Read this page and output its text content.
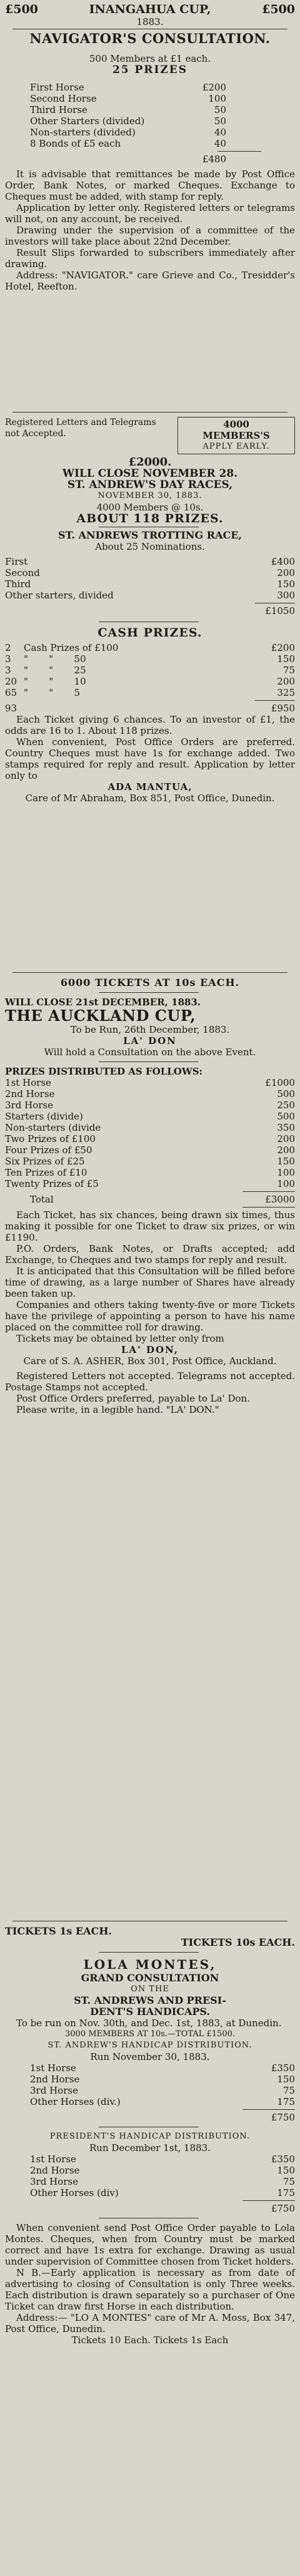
£500	INANGAHUA CUP,	£500
1883.
NAVIGATOR'S CONSULTATION.
500 Members at £1 each.
25 PRIZES
First Horse	£200
Second Horse	100
Third Horse	50
Other Starters (divided)	50
Non-starters (divided)	40
8 Bonds of £5 each	40
£480
It is advisable that remittances be made by Post Office Order, Bank Notes, or marked Cheques. Exchange to Cheques must be added, with stamp for reply.
Application by letter only. Registered letters or telegrams will not, on any account, be received.
Drawing under the supervision of a committee of the investors will take place about 22nd December.
Result Slips forwarded to subscribers immediately after drawing.
Address: "NAVIGATOR." care Grieve and Co., Tresidder's Hotel, Reefton.
Registered Letters and Telegrams not Accepted.
4000
MEMBERS'S
APPLY EARLY.
£2000.
WILL CLOSE NOVEMBER 28.
ST. ANDREW'S DAY RACES,
NOVEMBER 30, 1883.
4000 Members @ 10s.
ABOUT 118 PRIZES.
ST. ANDREWS TROTTING RACE,
About 25 Nominations.
First	£400
Second	200
Third	150
Other starters, divided	300
£1050
CASH PRIZES.
2	Cash Prizes of £100	£200
3	"       "       50	150
3	"       "       25	75
20 "       "       10	200
65 "       "       5	325
93	£950
Each Ticket giving 6 chances. To an investor of £1, the odds are 16 to 1. About 118 prizes.
When convenient, Post Office Orders are preferred. Country Cheques must have 1s for exchange added. Two stamps required for reply and result. Application by letter only to
ADA MANTUA,
Care of Mr Abraham, Box 851, Post Office, Dunedin.
6000 TICKETS AT 10s EACH.
WILL CLOSE 21st DECEMBER, 1883.
THE AUCKLAND CUP,
To be Run, 26th December, 1883.
LA' DON
Will hold a Consultation on the above Event.
PRIZES DISTRIBUTED AS FOLLOWS:
1st Horse	£1000
2nd Horse	500
3rd Horse	250
Starters (divide)	500
Non-starters (divide	350
Two Prizes of £100	200
Four Prizes of £50	200
Six Prizes of £25	150
Ten Prizes of £10	100
Twenty Prizes of £5	100
Total	£3000
Each Ticket, has six chances, being drawn six times, thus making it possible for one Ticket to draw six prizes, or win £1190.
P.O. Orders, Bank Notes, or Drafts accepted; add Exchange, to Cheques and two stamps for reply and result.
It is anticipated that this Consultation will be filled before time of drawing, as a large number of Shares have already been taken up.
Companies and others taking twenty-five or more Tickets have the privilege of appointing a person to have his name placed on the committee roll for drawing.
Tickets may be obtained by letter only from
LA' DON,
Care of S. A. ASHER, Box 301, Post Office, Auckland.
Registered Letters not accepted. Telegrams not accepted. Postage Stamps not accepted.
Post Office Orders preferred, payable to La' Don.
Please write, in a legible hand. "LA' DON."
TICKETS 1s EACH.
TICKETS 10s EACH.
LOLA MONTES,
GRAND CONSULTATION
ON THE
ST. ANDREWS AND PRESI-
DENT'S HANDICAPS.
To be run on Nov. 30th, and Dec. 1st, 1883, at Dunedin.
3000 MEMBERS AT 10s.—TOTAL £1500.
ST. ANDREW'S HANDICAP DISTRIBUTION.
Run November 30, 1883.
1st Horse	£350
2nd Horse	150
3rd Horse	75
Other Horses (div.)	175
£750
PRESIDENT'S HANDICAP DISTRIBUTION.
Run December 1st, 1883.
1st Horse	£350
2nd Horse	150
3rd Horse	75
Other Horses (div)	175
£750
When convenient send Post Office Order payable to Lola Montes. Cheques, when from Country must be marked correct and have 1s extra for exchange. Drawing as usual under supervision of Committee chosen from Ticket holders.
N B.—Early application is necessary as from date of advertising to closing of Consultation is only Three weeks. Each distribution is drawn separately so a purchaser of One Ticket can draw first Horse in each distribution.
Address:— "LO A MONTES" care of Mr A. Moss, Box 347, Post Office, Dunedin.
Tickets 10 Each. Tickets 1s Each
